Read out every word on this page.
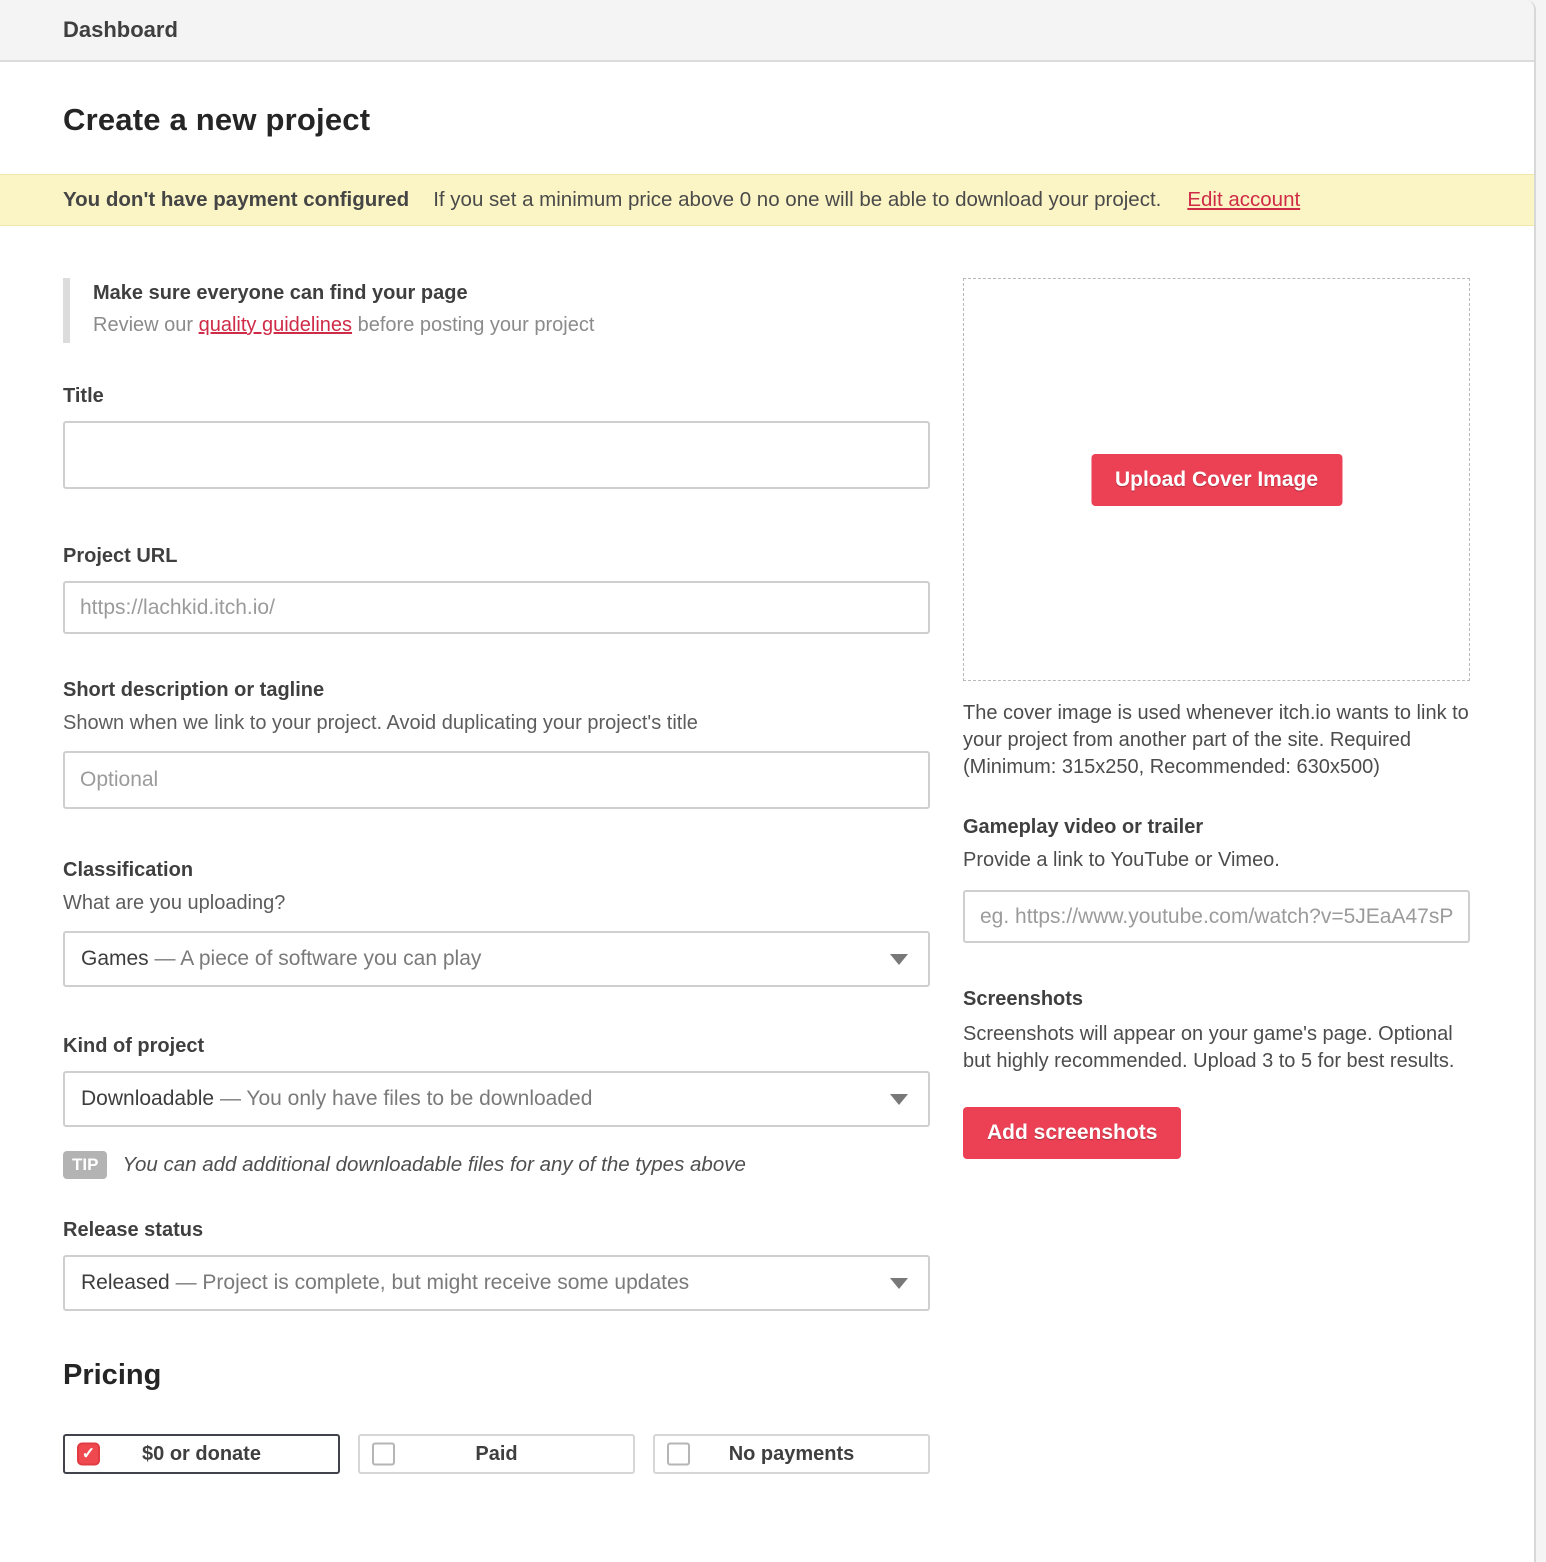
Dashboard
Create a new project
You don't have payment configured If you set a minimum price above 0 no one will be able to download your project. Edit account
Make sure everyone can find your page
Review our quality guidelines before posting your project
Title
Project URL
https://lachkid.itch.io/
Short description or tagline
Shown when we link to your project. Avoid duplicating your project's title
Optional
Classification
What are you uploading?
Games — A piece of software you can play
Kind of project
Downloadable — You only have files to be downloaded
TIP	You can add additional downloadable files for any of the types above
Release status
Released — Project is complete, but might receive some updates
Pricing
✓ $0 or donate	Paid	No payments
Upload Cover Image
The cover image is used whenever itch.io wants to link to your project from another part of the site. Required (Minimum: 315x250, Recommended: 630x500)
Gameplay video or trailer
Provide a link to YouTube or Vimeo.
eg. https://www.youtube.com/watch?v=5JEaA47sP
Screenshots
Screenshots will appear on your game's page. Optional but highly recommended. Upload 3 to 5 for best results.
Add screenshots
